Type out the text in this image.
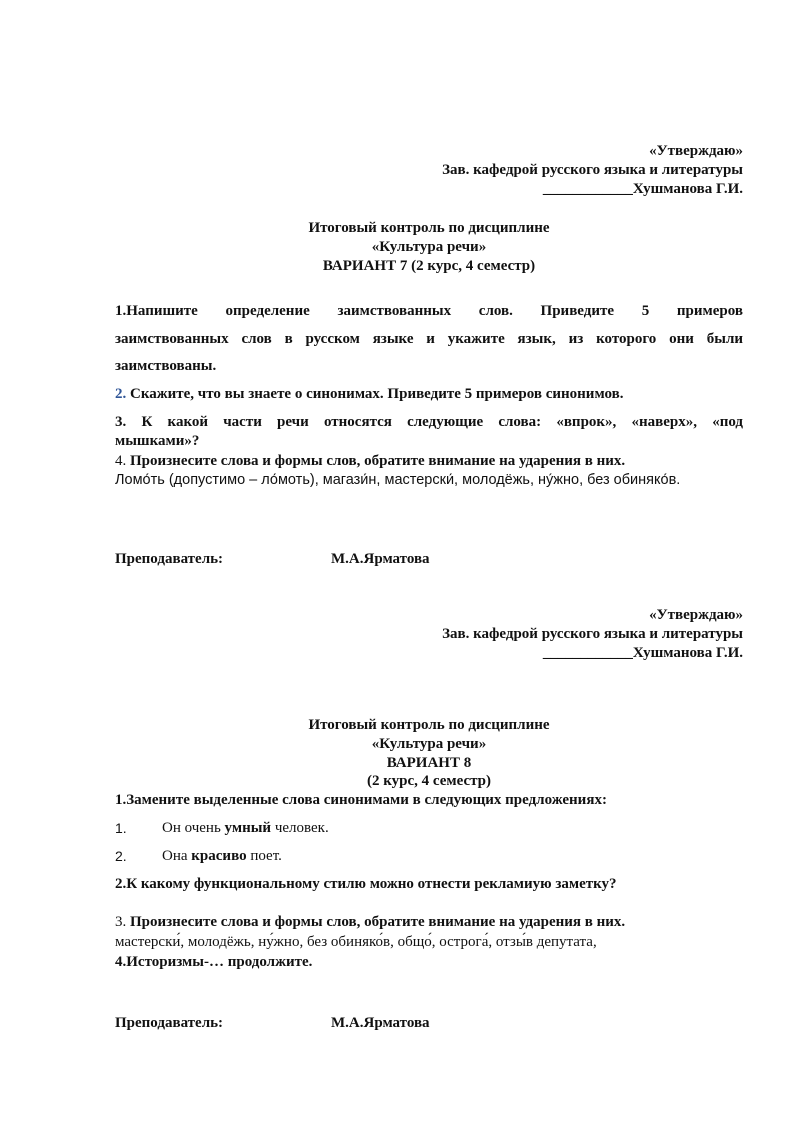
«Утверждаю»
Зав. кафедрой русского языка и литературы
____________Хушманова Г.И.
Итоговый контроль по дисциплине
«Культура речи»
ВАРИАНТ 7 (2 курс, 4 семестр)
1.Напишите определение заимствованных слов. Приведите 5 примеров
заимствованных слов в русском языке и укажите язык, из которого они были
заимствованы.
2. Скажите, что вы знаете о синонимах. Приведите 5 примеров синонимов.
3. К какой части речи относятся следующие слова: «впрок», «наверх», «под
мышками»?
4. Произнесите слова и формы слов, обратите внимание на ударения в них.
Ломо́ть (допустимо – ло́моть), магази́н, мастерски́, молодёжь, ну́жно, без обиняко́в.
Преподаватель:	М.А.Ярматова
«Утверждаю»
Зав. кафедрой русского языка и литературы
____________Хушманова Г.И.
Итоговый контроль по дисциплине
«Культура речи»
ВАРИАНТ 8
(2 курс, 4 семестр)
1.Замените выделенные слова синонимами в следующих предложениях:
1. Он очень умный человек.
2. Она красиво поет.
2.К какому функциональному стилю можно отнести рекламиую заметку?
3. Произнесите слова и формы слов, обратите внимание на ударения в них.
мастерски́, молодёжь, ну́жно, без обиняко́в, общо́, острога́, отзы́в депутата,
4.Историзмы-… продолжите.
Преподаватель:	М.А.Ярматова
